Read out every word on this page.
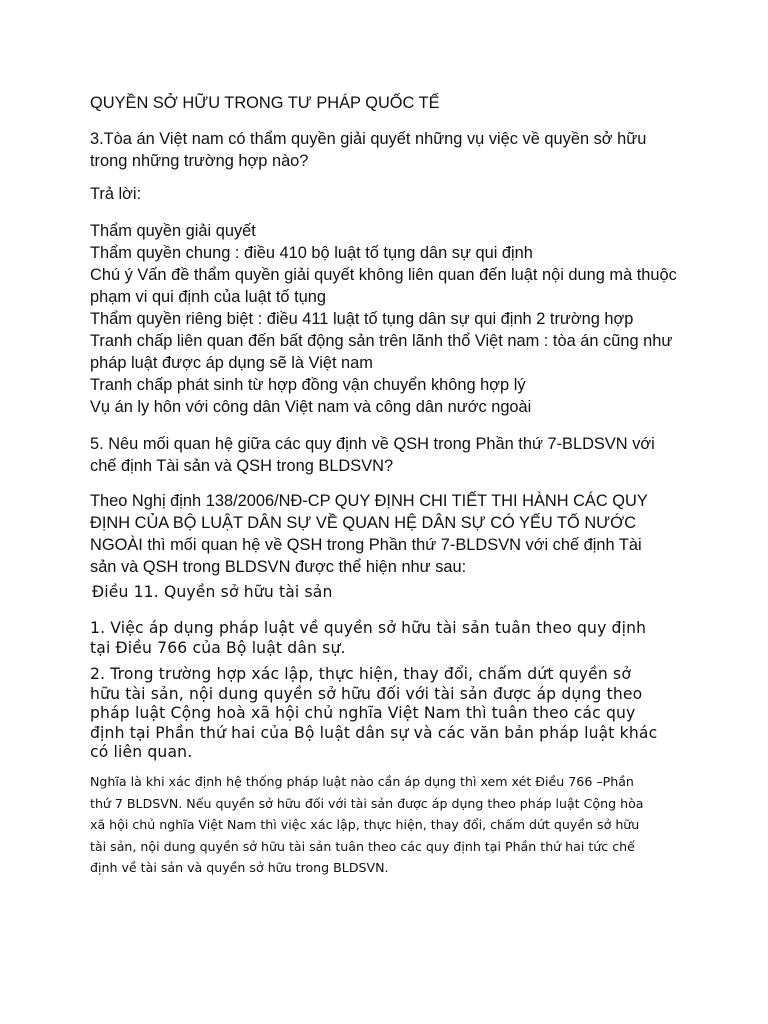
QUYỀN SỞ HỮU TRONG TƯ PHÁP QUỐC TẾ

3.Tòa án Việt nam có thẩm quyền giải quyết những vụ việc về quyền sở hữu

trong những trường hợp nào?

Trả lời:

Thẩm quyền giải quyết

Thẩm quyền chung : điều 410 bộ luật tố tụng dân sự qui định

Chú ý Vấn đề thẩm quyền giải quyết không liên quan đến luật nội dung mà thuộc

phạm vi qui định của luật tố tụng

Thẩm quyền riêng biệt : điều 411 luật tố tụng dân sự qui định 2 trường hợp

Tranh chấp liên quan đến bất động sản trên lãnh thổ Việt nam : tòa án cũng như

pháp luật được áp dụng sẽ là Việt nam

Tranh chấp phát sinh từ hợp đồng vận chuyển không hợp lý

Vụ án ly hôn với công dân Việt nam và công dân nước ngoài

5. Nêu mối quan hệ giữa các quy định về QSH trong Phần thứ 7-BLDSVN với

chế định Tài sản và QSH trong BLDSVN?

Theo Nghị định 138/2006/NĐ-CP QUY ĐỊNH CHI TIẾT THI HÀNH CÁC QUY

ĐỊNH CỦA BỘ LUẬT DÂN SỰ VỀ QUAN HỆ DÂN SỰ CÓ YẾU TỐ NƯỚC

NGOÀI thì mối quan hệ về QSH trong Phần thứ 7-BLDSVN với chế định Tài

sản và QSH trong BLDSVN được thể hiện như sau:

Điều 11. Quyền sở hữu tài sản

1. Việc áp dụng pháp luật về quyền sở hữu tài sản tuân theo quy định

tại Điều 766 của Bộ luật dân sự.

2. Trong trường hợp xác lập, thực hiện, thay đổi, chấm dứt quyền sở

hữu tài sản, nội dung quyền sở hữu đối với tài sản được áp dụng theo

pháp luật Cộng hoà xã hội chủ nghĩa Việt Nam thì tuân theo các quy

định tại Phần thứ hai của Bộ luật dân sự và các văn bản pháp luật khác

có liên quan.

Nghĩa là khi xác định hệ thống pháp luật nào cần áp dụng thì xem xét Điều 766 –Phần

thứ 7 BLDSVN. Nếu quyền sở hữu đối với tài sản được áp dụng theo pháp luật Cộng hòa

xã hội chủ nghĩa Việt Nam thì việc xác lập, thực hiện, thay đổi, chấm dứt quyền sở hữu

tài sản, nội dung quyền sở hữu tài sản tuân theo các quy định tại Phần thứ hai tức chế

định về tài sản và quyền sở hữu trong BLDSVN.
